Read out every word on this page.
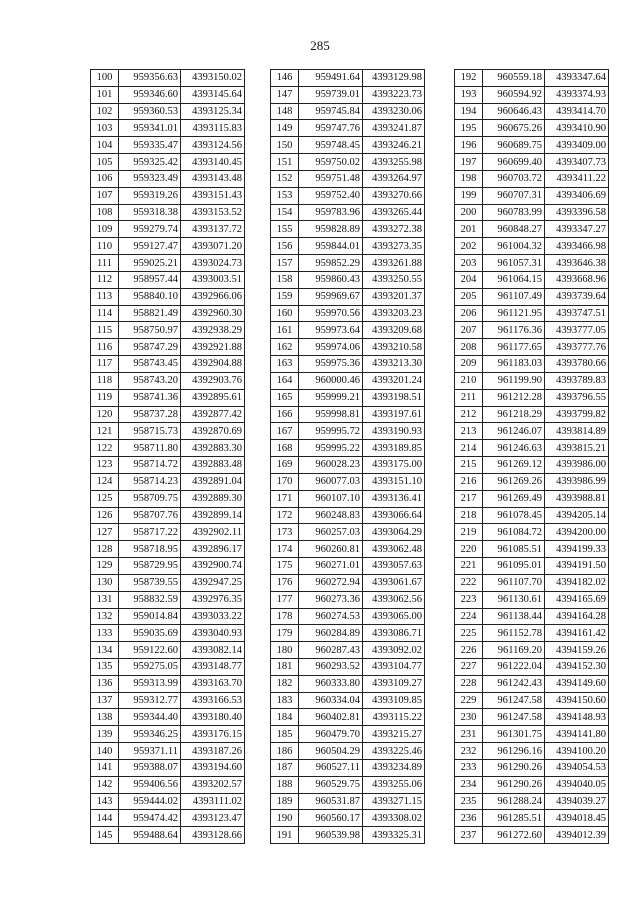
285
100	959356.63	4393150.02
101	959346.60	4393145.64
102	959360.53	4393125.34
103	959341.01	4393115.83
104	959335.47	4393124.56
105	959325.42	4393140.45
106	959323.49	4393143.48
107	959319.26	4393151.43
108	959318.38	4393153.52
109	959279.74	4393137.72
110	959127.47	4393071.20
111	959025.21	4393024.73
112	958957.44	4393003.51
113	958840.10	4392966.06
114	958821.49	4392960.30
115	958750.97	4392938.29
116	958747.29	4392921.88
117	958743.45	4392904.88
118	958743.20	4392903.76
119	958741.36	4392895.61
120	958737.28	4392877.42
121	958715.73	4392870.69
122	958711.80	4392883.30
123	958714.72	4392883.48
124	958714.23	4392891.04
125	958709.75	4392889.30
126	958707.76	4392899.14
127	958717.22	4392902.11
128	958718.95	4392896.17
129	958729.95	4392900.74
130	958739.55	4392947.25
131	958832.59	4392976.35
132	959014.84	4393033.22
133	959035.69	4393040.93
134	959122.60	4393082.14
135	959275.05	4393148.77
136	959313.99	4393163.70
137	959312.77	4393166.53
138	959344.40	4393180.40
139	959346.25	4393176.15
140	959371.11	4393187.26
141	959388.07	4393194.60
142	959406.56	4393202.57
143	959444.02	4393111.02
144	959474.42	4393123.47
145	959488.64	4393128.66
146	959491.64	4393129.98
147	959739.01	4393223.73
148	959745.84	4393230.06
149	959747.76	4393241.87
150	959748.45	4393246.21
151	959750.02	4393255.98
152	959751.48	4393264.97
153	959752.40	4393270.66
154	959783.96	4393265.44
155	959828.89	4393272.38
156	959844.01	4393273.35
157	959852.29	4393261.88
158	959860.43	4393250.55
159	959969.67	4393201.37
160	959970.56	4393203.23
161	959973.64	4393209.68
162	959974.06	4393210.58
163	959975.36	4393213.30
164	960000.46	4393201.24
165	959999.21	4393198.51
166	959998.81	4393197.61
167	959995.72	4393190.93
168	959995.22	4393189.85
169	960028.23	4393175.00
170	960077.03	4393151.10
171	960107.10	4393136.41
172	960248.83	4393066.64
173	960257.03	4393064.29
174	960260.81	4393062.48
175	960271.01	4393057.63
176	960272.94	4393061.67
177	960273.36	4393062.56
178	960274.53	4393065.00
179	960284.89	4393086.71
180	960287.43	4393092.02
181	960293.52	4393104.77
182	960333.80	4393109.27
183	960334.04	4393109.85
184	960402.81	4393115.22
185	960479.70	4393215.27
186	960504.29	4393225.46
187	960527.11	4393234.89
188	960529.75	4393255.06
189	960531.87	4393271.15
190	960560.17	4393308.02
191	960539.98	4393325.31
192	960559.18	4393347.64
193	960594.92	4393374.93
194	960646.43	4393414.70
195	960675.26	4393410.90
196	960689.75	4393409.00
197	960699.40	4393407.73
198	960703.72	4393411.22
199	960707.31	4393406.69
200	960783.99	4393396.58
201	960848.27	4393347.27
202	961004.32	4393466.98
203	961057.31	4393646.38
204	961064.15	4393668.96
205	961107.49	4393739.64
206	961121.95	4393747.51
207	961176.36	4393777.05
208	961177.65	4393777.76
209	961183.03	4393780.66
210	961199.90	4393789.83
211	961212.28	4393796.55
212	961218.29	4393799.82
213	961246.07	4393814.89
214	961246.63	4393815.21
215	961269.12	4393986.00
216	961269.26	4393986.99
217	961269.49	4393988.81
218	961078.45	4394205.14
219	961084.72	4394200.00
220	961085.51	4394199.33
221	961095.01	4394191.50
222	961107.70	4394182.02
223	961130.61	4394165.69
224	961138.44	4394164.28
225	961152.78	4394161.42
226	961169.20	4394159.26
227	961222.04	4394152.30
228	961242.43	4394149.60
229	961247.58	4394150.60
230	961247.58	4394148.93
231	961301.75	4394141.80
232	961296.16	4394100.20
233	961290.26	4394054.53
234	961290.26	4394040.05
235	961288.24	4394039.27
236	961285.51	4394018.45
237	961272.60	4394012.39
